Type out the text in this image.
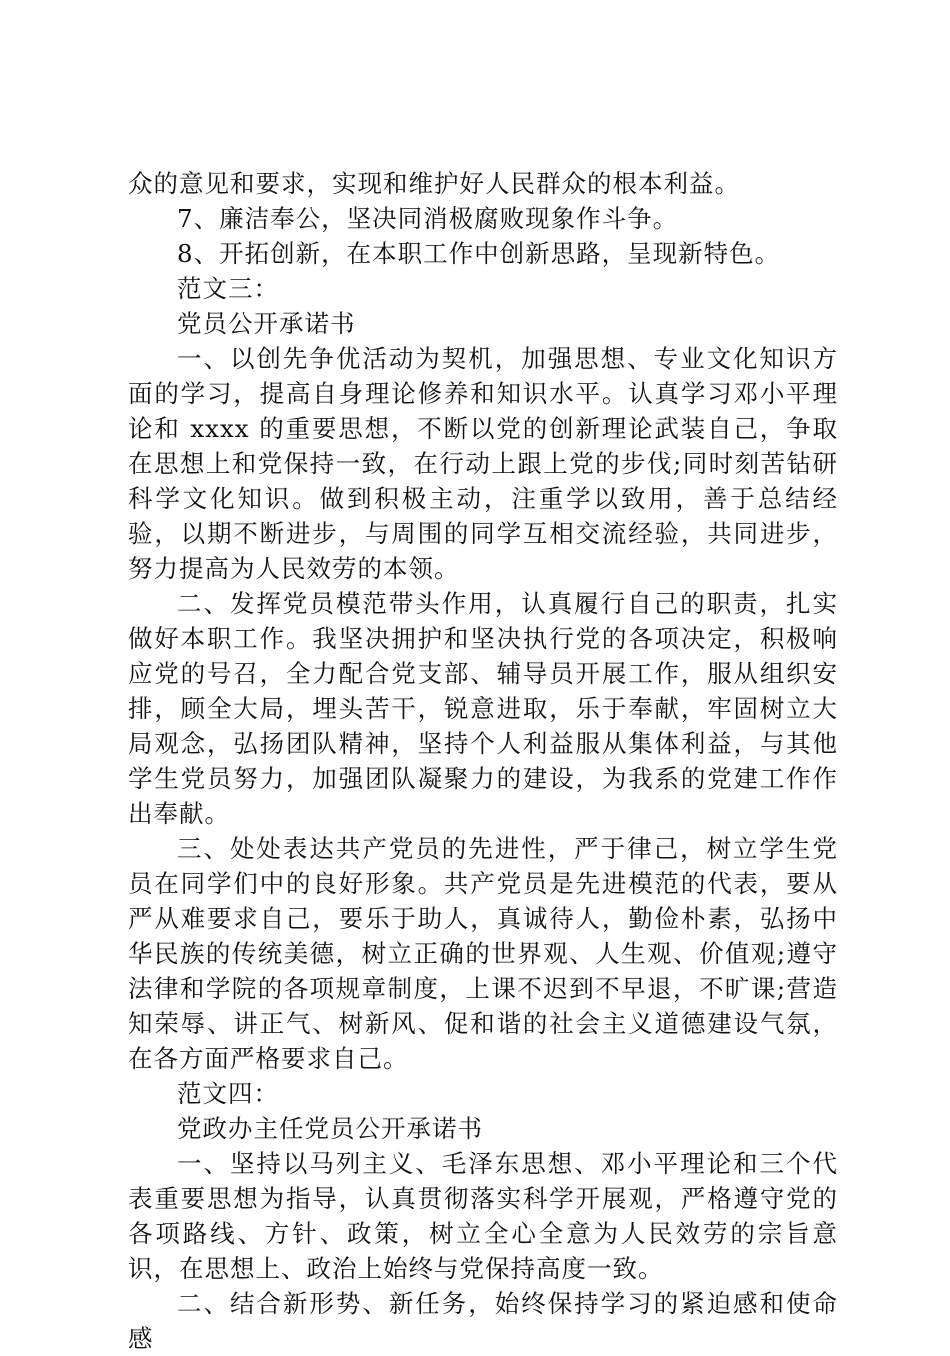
众的意见和要求，实现和维护好人民群众的根本利益。

7、廉洁奉公，坚决同消极腐败现象作斗争。

8、开拓创新，在本职工作中创新思路，呈现新特色。

范文三：

党员公开承诺书

一、以创先争优活动为契机，加强思想、专业文化知识方面的学习，提高自身理论修养和知识水平。认真学习邓小平理论和 xxxx 的重要思想，不断以党的创新理论武装自己，争取在思想上和党保持一致，在行动上跟上党的步伐;同时刻苦钻研科学文化知识。做到积极主动，注重学以致用，善于总结经验，以期不断进步，与周围的同学互相交流经验，共同进步，努力提高为人民效劳的本领。

二、发挥党员模范带头作用，认真履行自己的职责，扎实做好本职工作。我坚决拥护和坚决执行党的各项决定，积极响应党的号召，全力配合党支部、辅导员开展工作，服从组织安排，顾全大局，埋头苦干，锐意进取，乐于奉献，牢固树立大局观念，弘扬团队精神，坚持个人利益服从集体利益，与其他学生党员努力，加强团队凝聚力的建设，为我系的党建工作作出奉献。

三、处处表达共产党员的先进性，严于律己，树立学生党员在同学们中的良好形象。共产党员是先进模范的代表，要从严从难要求自己，要乐于助人，真诚待人，勤俭朴素，弘扬中华民族的传统美德，树立正确的世界观、人生观、价值观;遵守法律和学院的各项规章制度，上课不迟到不早退，不旷课;营造知荣辱、讲正气、树新风、促和谐的社会主义道德建设气氛，在各方面严格要求自己。

范文四：

党政办主任党员公开承诺书

一、坚持以马列主义、毛泽东思想、邓小平理论和三个代表重要思想为指导，认真贯彻落实科学开展观，严格遵守党的各项路线、方针、政策，树立全心全意为人民效劳的宗旨意识，在思想上、政治上始终与党保持高度一致。

二、结合新形势、新任务，始终保持学习的紧迫感和使命感
